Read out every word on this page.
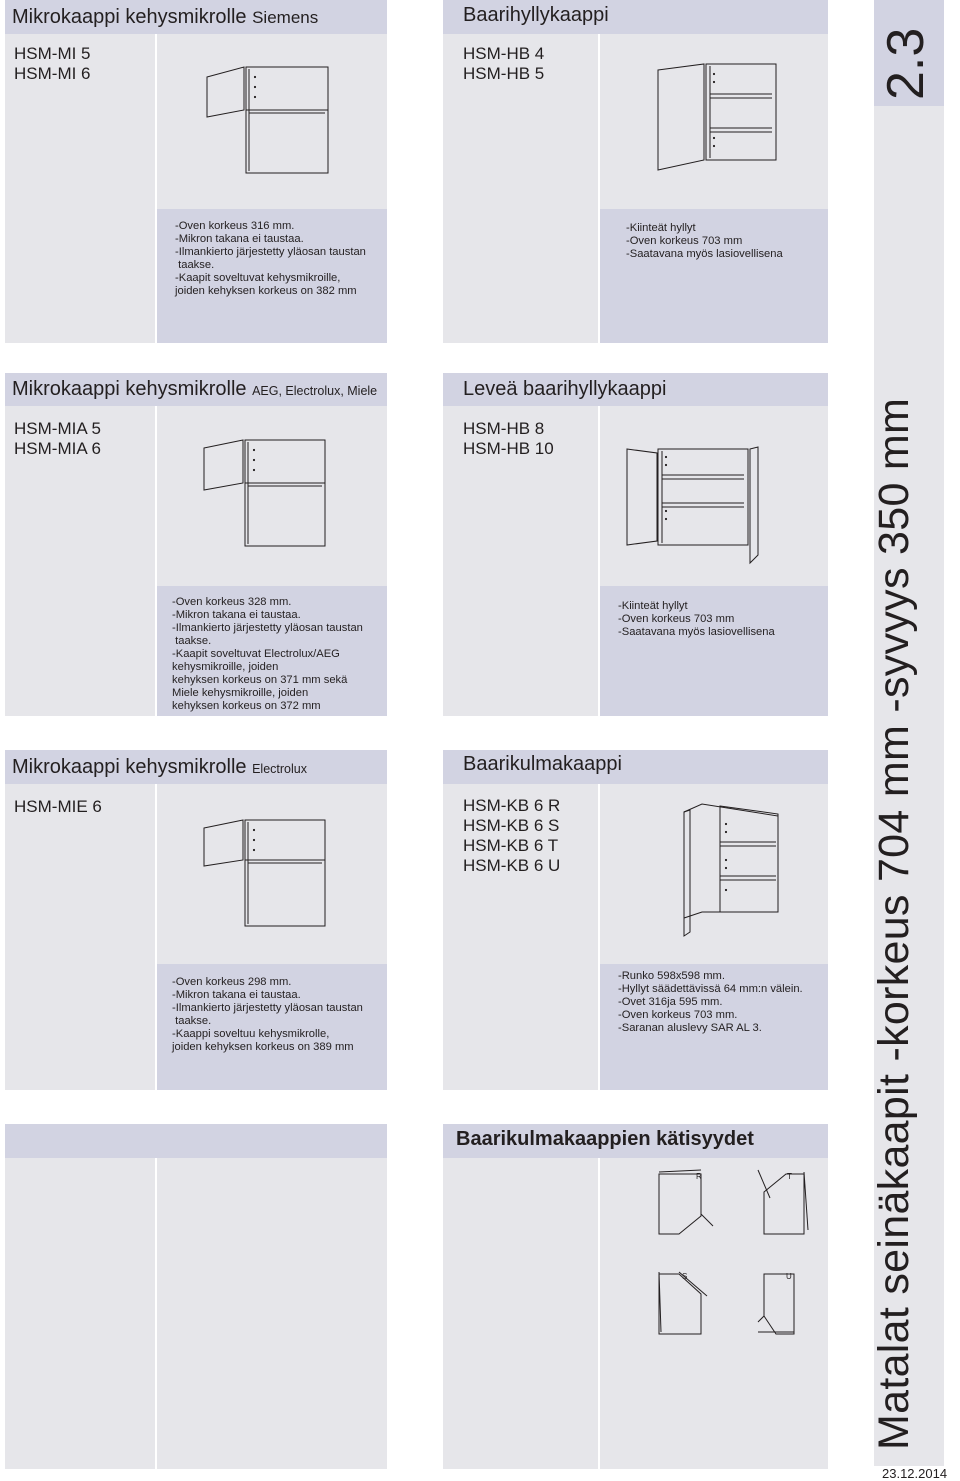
2.3
Matalat seinäkaapit -korkeus 704 mm -syvyys 350 mm
23.12.2014
Mikrokaappi kehysmikrolle Siemens
HSM-MI 5
HSM-MI 6
-Oven korkeus 316 mm.
-Mikron takana ei taustaa.
-Ilmankierto järjestetty yläosan taustan
taakse.
-Kaapit soveltuvat kehysmikroille,
joiden kehyksen korkeus on 382 mm
Baarihyllykaappi
HSM-HB 4
HSM-HB 5
-Kiinteät hyllyt
-Oven korkeus 703 mm
-Saatavana myös lasiovellisena
Mikrokaappi kehysmikrolle AEG, Electrolux, Miele
HSM-MIA 5
HSM-MIA 6
-Oven korkeus 328 mm.
-Mikron takana ei taustaa.
-Ilmankierto järjestetty yläosan taustan
taakse.
-Kaapit soveltuvat Electrolux/AEG
kehysmikroille, joiden
kehyksen korkeus on 371 mm sekä
Miele kehysmikroille, joiden
kehyksen korkeus on 372 mm
Leveä baarihyllykaappi
HSM-HB 8
HSM-HB 10
-Kiinteät hyllyt
-Oven korkeus 703 mm
-Saatavana myös lasiovellisena
Mikrokaappi kehysmikrolle Electrolux
HSM-MIE 6
-Oven korkeus 298 mm.
-Mikron takana ei taustaa.
-Ilmankierto järjestetty yläosan taustan
taakse.
-Kaappi soveltuu kehysmikrolle,
joiden kehyksen korkeus on 389 mm
Baarikulmakaappi
HSM-KB 6 R
HSM-KB 6 S
HSM-KB 6 T
HSM-KB 6 U
-Runko 598x598 mm.
-Hyllyt säädettävissä 64 mm:n välein.
-Ovet 316ja 595 mm.
-Oven korkeus 703 mm.
-Saranan aluslevy SAR AL 3.
Baarikulmakaappien kätisyydet
R	T
S	U
